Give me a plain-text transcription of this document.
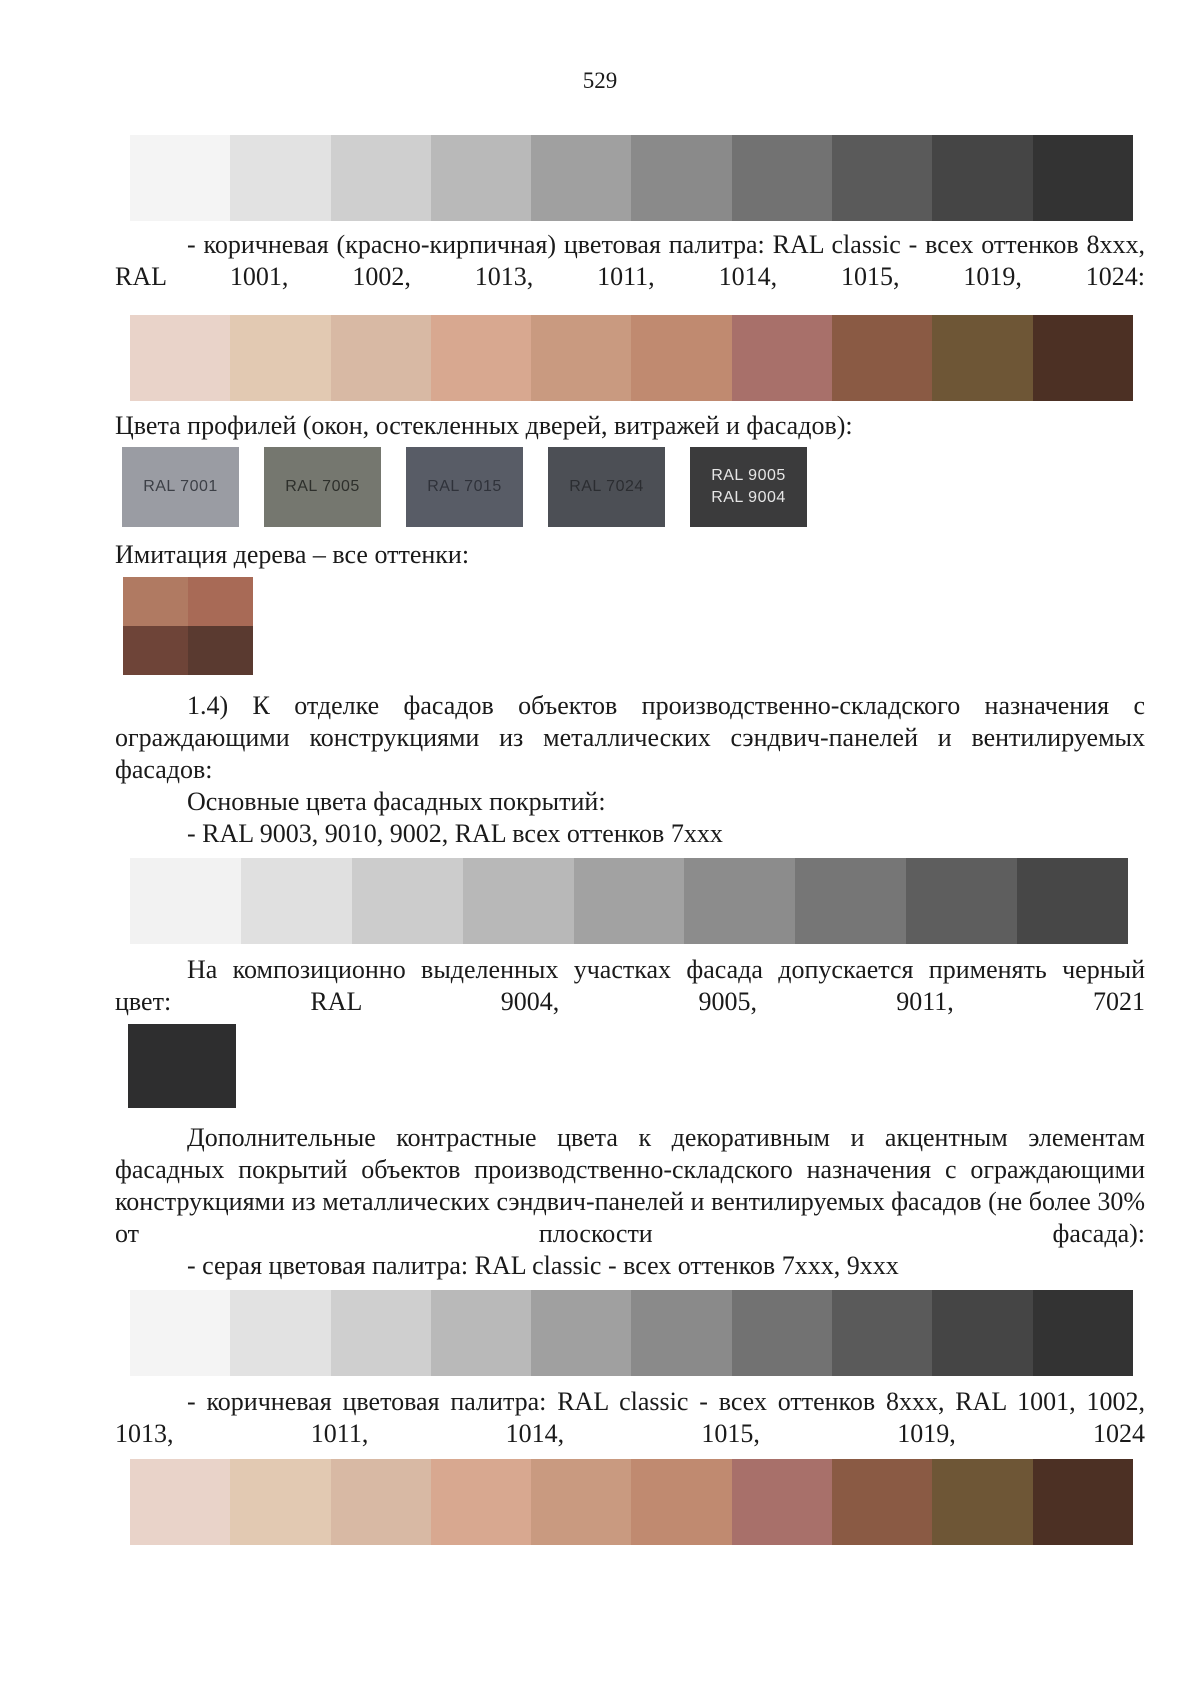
529

- коричневая (красно-кирпичная) цветовая палитра: RAL classic - всех оттенков 8xxx, RAL 1001, 1002, 1013, 1011, 1014, 1015, 1019, 1024:

Цвета профилей (окон, остекленных дверей, витражей и фасадов):

RAL 7001	RAL 7005	RAL 7015	RAL 7024
RAL 9005
RAL 9004

Имитация дерева – все оттенки:

1.4) К отделке фасадов объектов производственно-складского назначения с ограждающими конструкциями из металлических сэндвич-панелей и вентилируемых фасадов:

Основные цвета фасадных покрытий:

- RAL 9003, 9010, 9002, RAL всех оттенков 7xxx

На композиционно выделенных участках фасада допускается применять черный цвет: RAL 9004, 9005, 9011, 7021

Дополнительные контрастные цвета к декоративным и акцентным элементам фасадных покрытий объектов производственно-складского назначения с ограждающими конструкциями из металлических сэндвич-панелей и вентилируемых фасадов (не более 30% от плоскости фасада):

- серая цветовая палитра: RAL classic - всех оттенков 7xxx, 9xxx

- коричневая цветовая палитра: RAL classic - всех оттенков 8xxx, RAL 1001, 1002, 1013, 1011, 1014, 1015, 1019, 1024
